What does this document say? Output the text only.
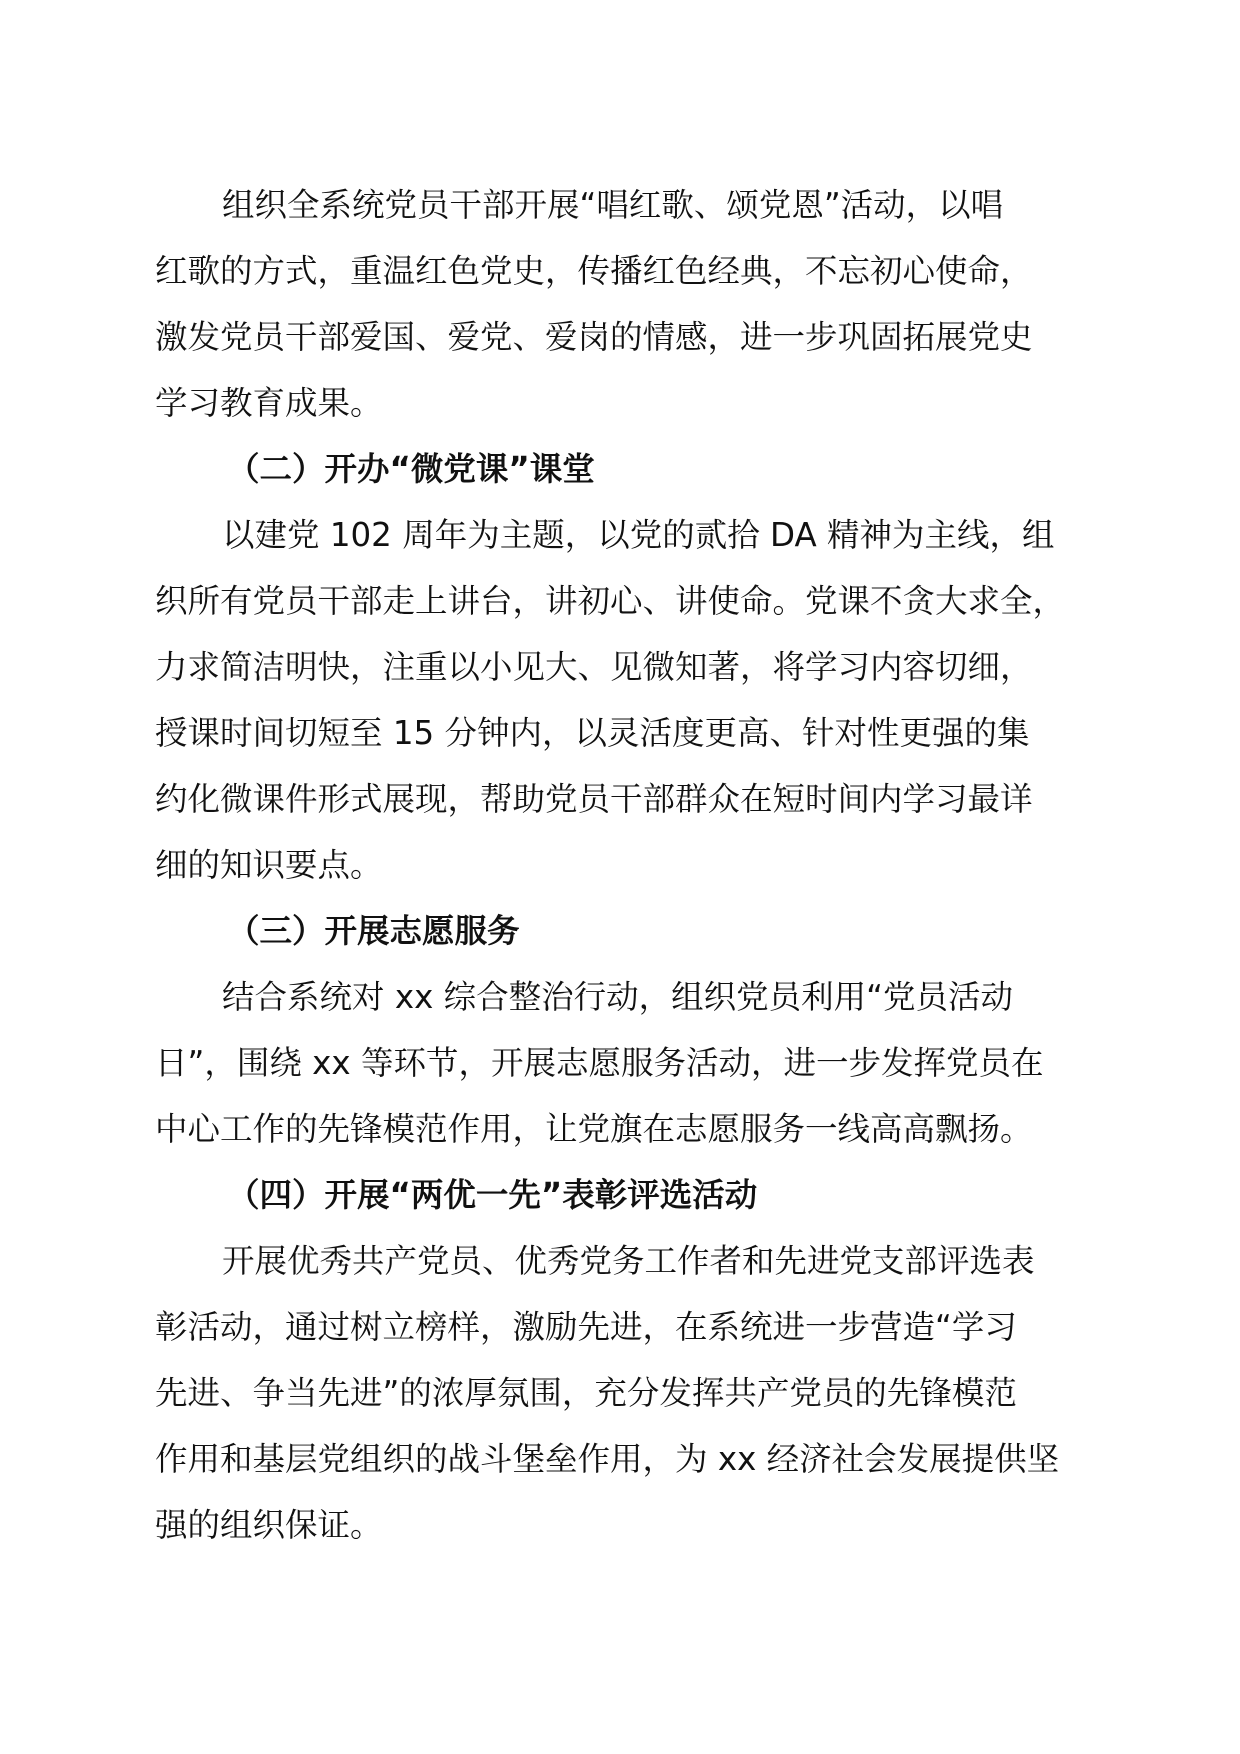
组织全系统党员干部开展“唱红歌、颂党恩”活动，以唱

红歌的方式，重温红色党史，传播红色经典，不忘初心使命，

激发党员干部爱国、爱党、爱岗的情感，进一步巩固拓展党史

学习教育成果。

（二）开办“微党课”课堂

以建党 102 周年为主题，以党的贰拾 DA 精神为主线，组

织所有党员干部走上讲台，讲初心、讲使命。党课不贪大求全，

力求简洁明快，注重以小见大、见微知著，将学习内容切细，

授课时间切短至 15 分钟内，以灵活度更高、针对性更强的集

约化微课件形式展现，帮助党员干部群众在短时间内学习最详

细的知识要点。

（三）开展志愿服务

结合系统对 xx 综合整治行动，组织党员利用“党员活动

日”，围绕 xx 等环节，开展志愿服务活动，进一步发挥党员在

中心工作的先锋模范作用，让党旗在志愿服务一线高高飘扬。

（四）开展“两优一先”表彰评选活动

开展优秀共产党员、优秀党务工作者和先进党支部评选表

彰活动，通过树立榜样，激励先进，在系统进一步营造“学习

先进、争当先进”的浓厚氛围，充分发挥共产党员的先锋模范

作用和基层党组织的战斗堡垒作用，为 xx 经济社会发展提供坚

强的组织保证。
